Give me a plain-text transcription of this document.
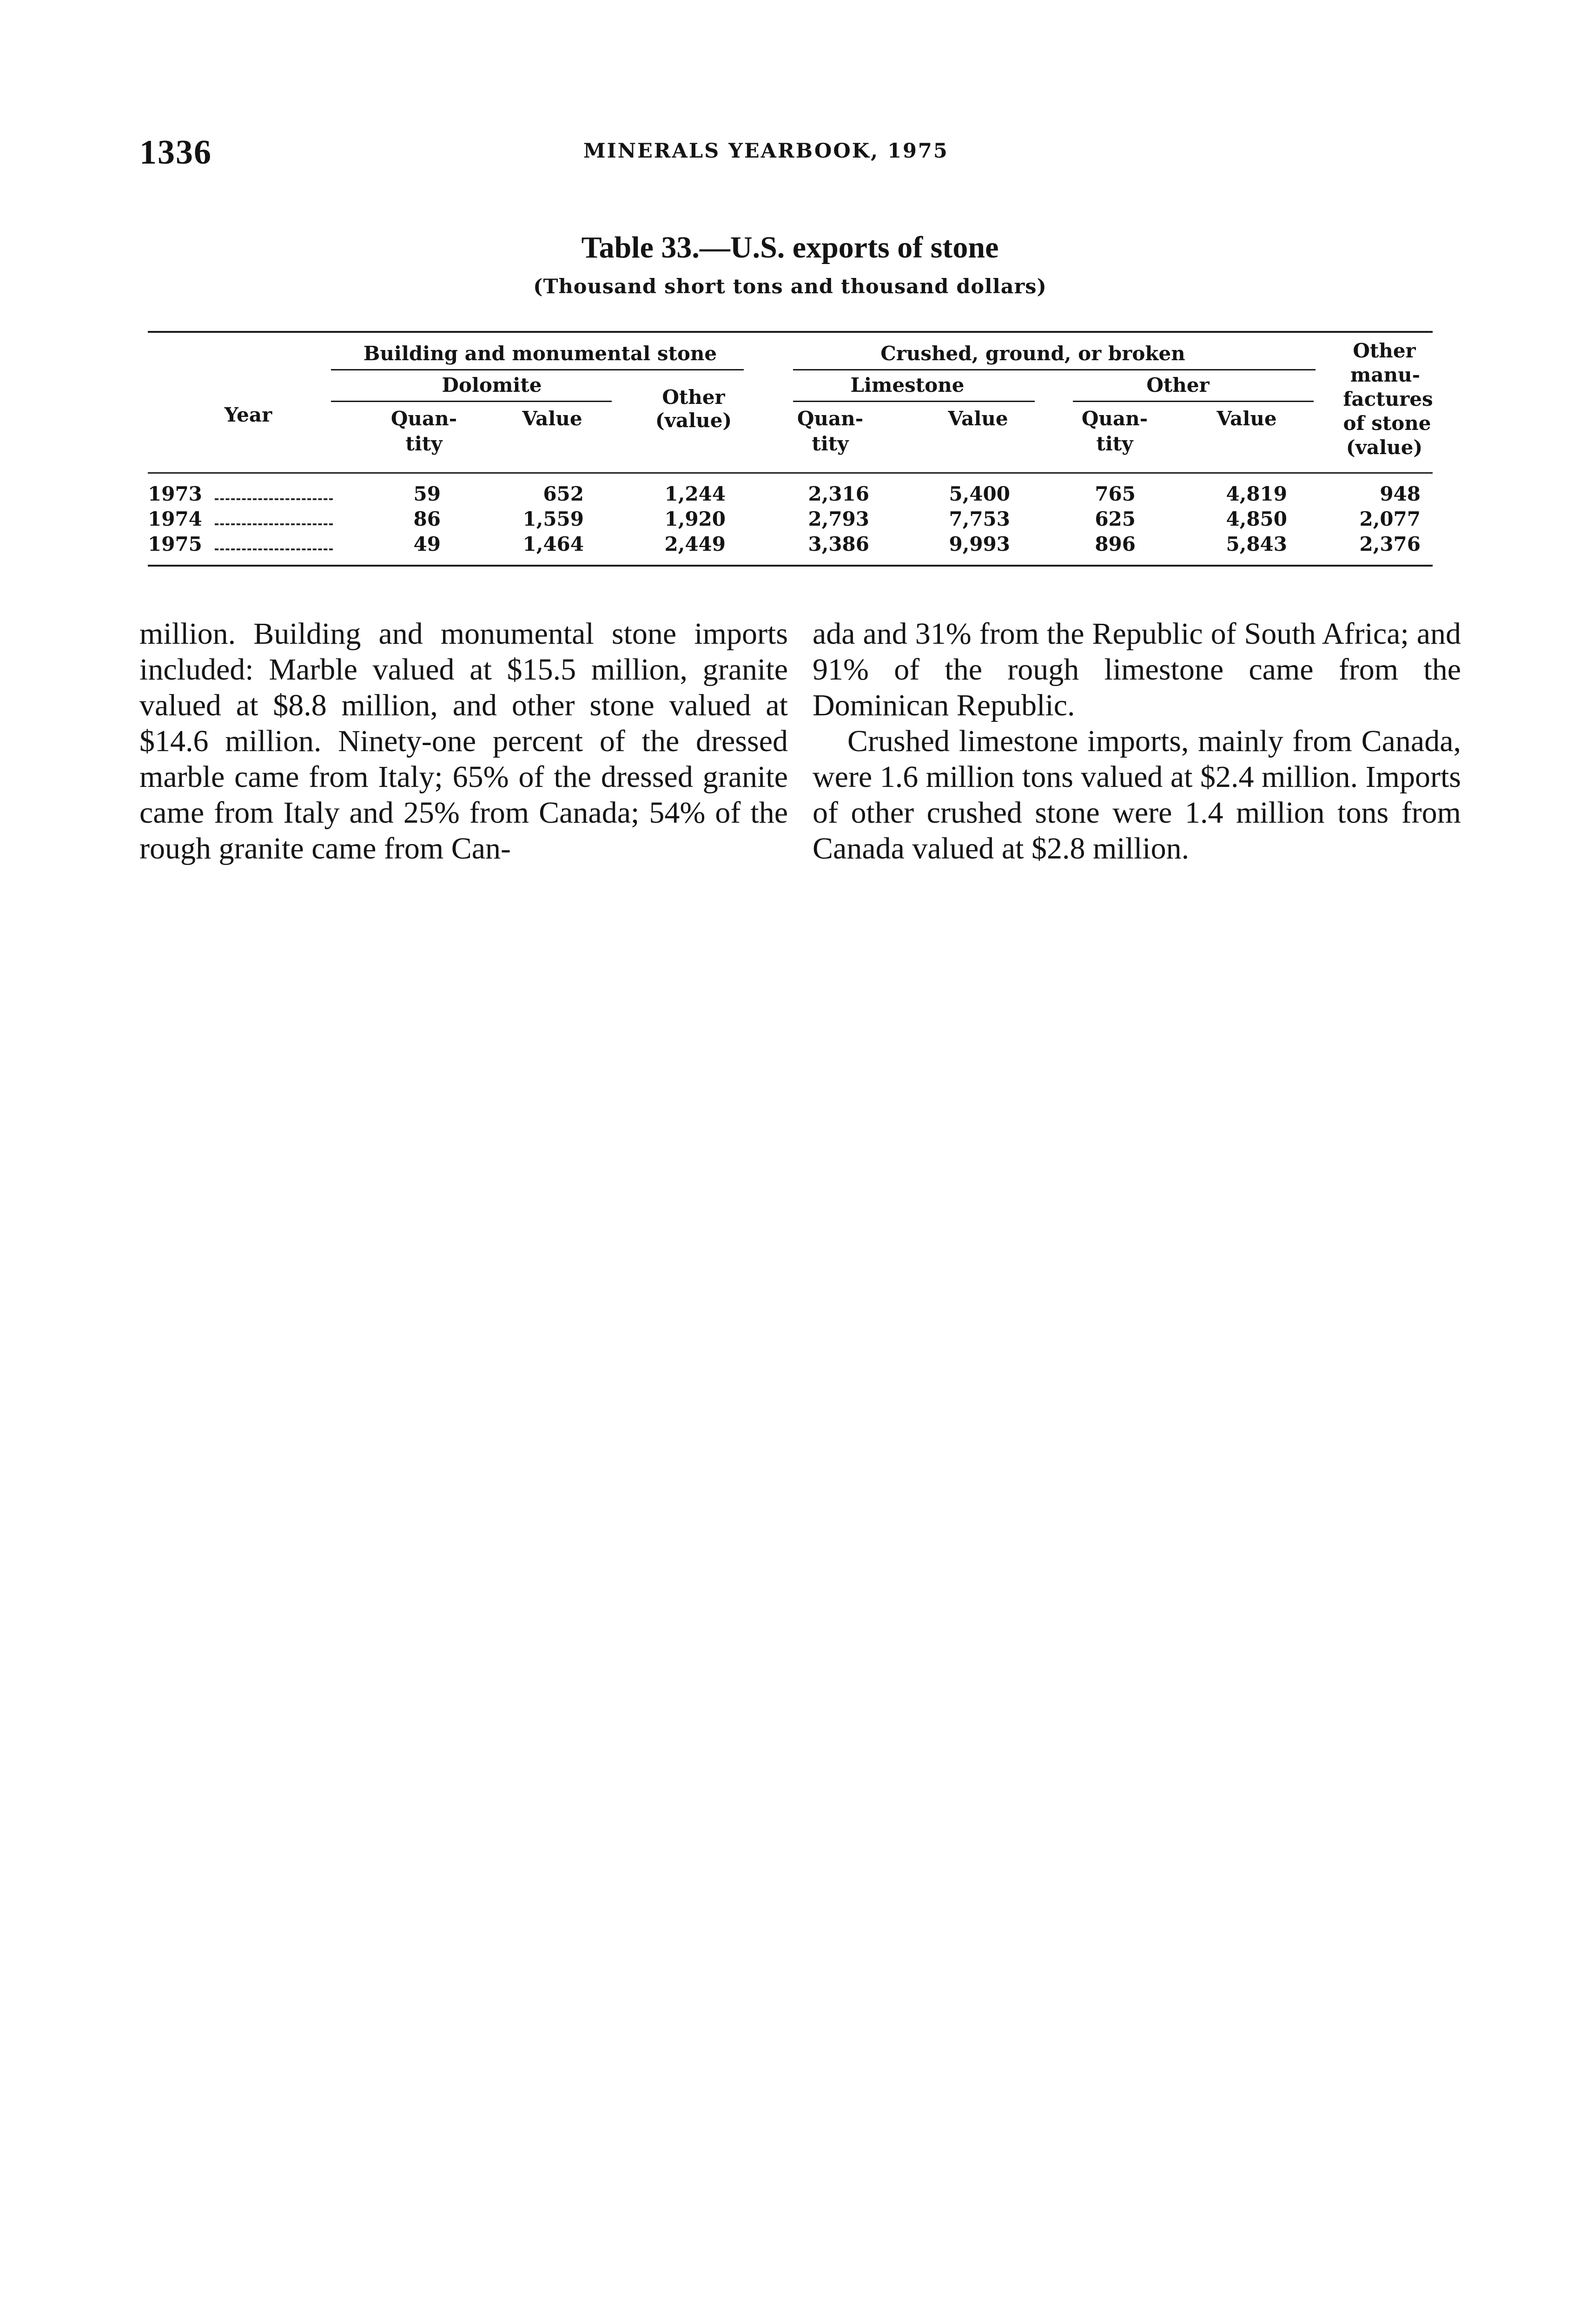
1336	MINERALS YEARBOOK, 1975
Table 33.—U.S. exports of stone
(Thousand short tons and thousand dollars)
Year
Building and monumental stone
Dolomite
Quan-
tity
Value
Other
(value)
Crushed, ground, or broken
Limestone
Quan-
tity
Value
Other
Quan-
tity
Value
Other
manu-
factures
of stone
(value)
1973	59	652	1,244	2,316	5,400	765	4,819	948
1974	86	1,559	1,920	2,793	7,753	625	4,850	2,077
1975	49	1,464	2,449	3,386	9,993	896	5,843	2,376

million. Building and monumental stone imports included: Marble valued at $15.5 million, granite valued at $8.8 million, and other stone valued at $14.6 million. Ninety-one percent of the dressed marble came from Italy; 65% of the dressed granite came from Italy and 25% from Canada; 54% of the rough granite came from Can-

ada and 31% from the Republic of South Africa; and 91% of the rough limestone came from the Dominican Republic.

Crushed limestone imports, mainly from Canada, were 1.6 million tons valued at $2.4 million. Imports of other crushed stone were 1.4 million tons from Canada valued at $2.8 million.
